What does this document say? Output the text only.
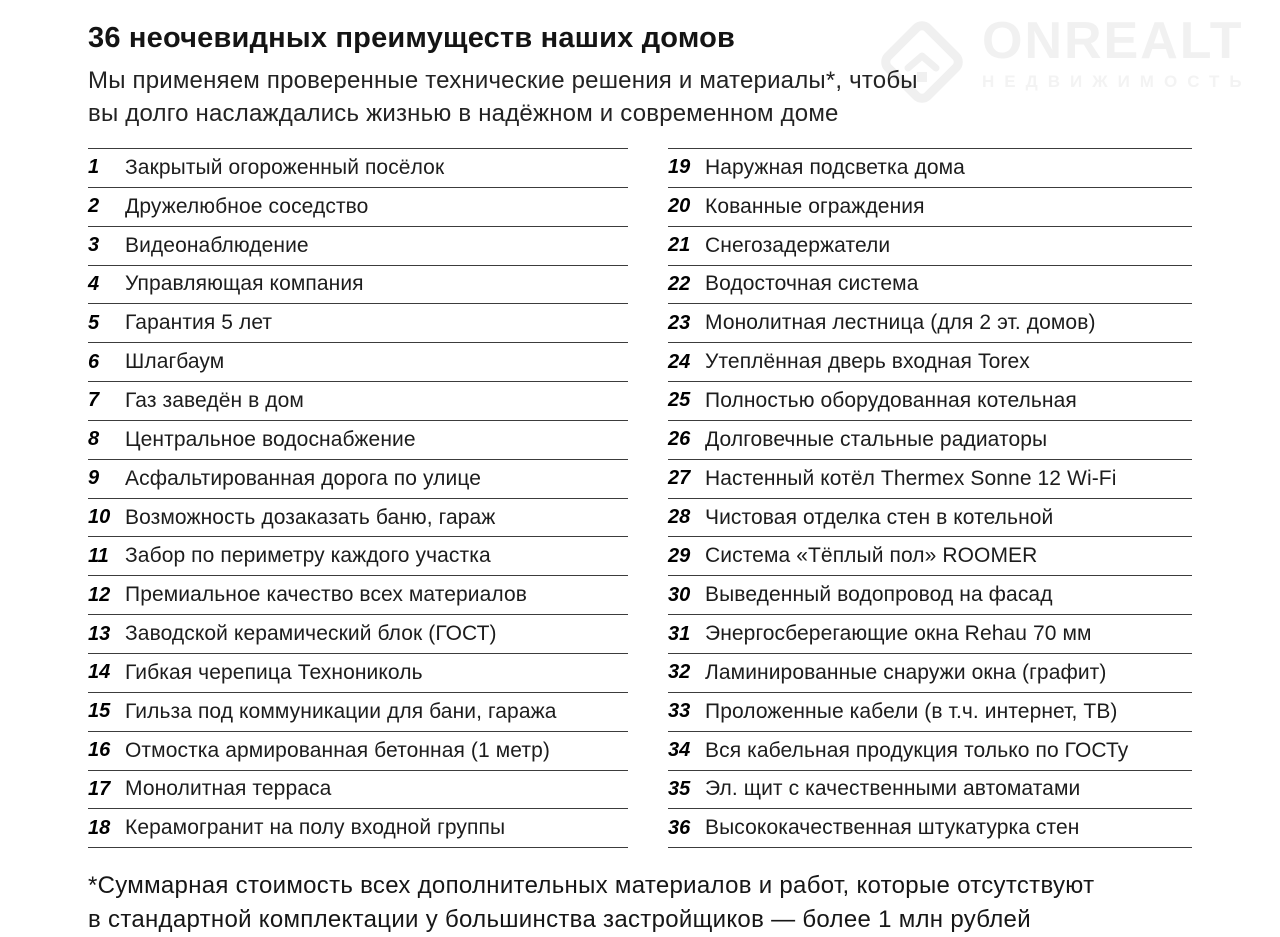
36 неочевидных преимуществ наших домов

Мы применяем проверенные технические решения и материалы*, чтобы
вы долго наслаждались жизнью в надёжном и современном доме

ONREALT
НЕДВИЖИМОСТЬ
1	Закрытый огороженный посёлок
2	Дружелюбное соседство
3	Видеонаблюдение
4	Управляющая компания
5	Гарантия 5 лет
6	Шлагбаум
7	Газ заведён в дом
8	Центральное водоснабжение
9	Асфальтированная дорога по улице
10 Возможность дозаказать баню, гараж
11 Забор по периметру каждого участка
12 Премиальное качество всех материалов
13 Заводской керамический блок (ГОСТ)
14 Гибкая черепица Технониколь
15 Гильза под коммуникации для бани, гаража
16 Отмостка армированная бетонная (1 метр)
17 Монолитная терраса
18 Керамогранит на полу входной группы
19 Наружная подсветка дома
20 Кованные ограждения
21 Снегозадержатели
22 Водосточная система
23 Монолитная лестница (для 2 эт. домов)
24 Утеплённая дверь входная Torex
25 Полностью оборудованная котельная
26 Долговечные стальные радиаторы
27 Настенный котёл Thermex Sonne 12 Wi-Fi
28 Чистовая отделка стен в котельной
29 Система «Тёплый пол» ROOMER
30 Выведенный водопровод на фасад
31 Энергосберегающие окна Rehau 70 мм
32 Ламинированные снаружи окна (графит)
33 Проложенные кабели (в т.ч. интернет, ТВ)
34 Вся кабельная продукция только по ГОСТу
35 Эл. щит с качественными автоматами
36 Высококачественная штукатурка стен

*Суммарная стоимость всех дополнительных материалов и работ, которые отсутствуют
в стандартной комплектации у большинства застройщиков — более 1 млн рублей
